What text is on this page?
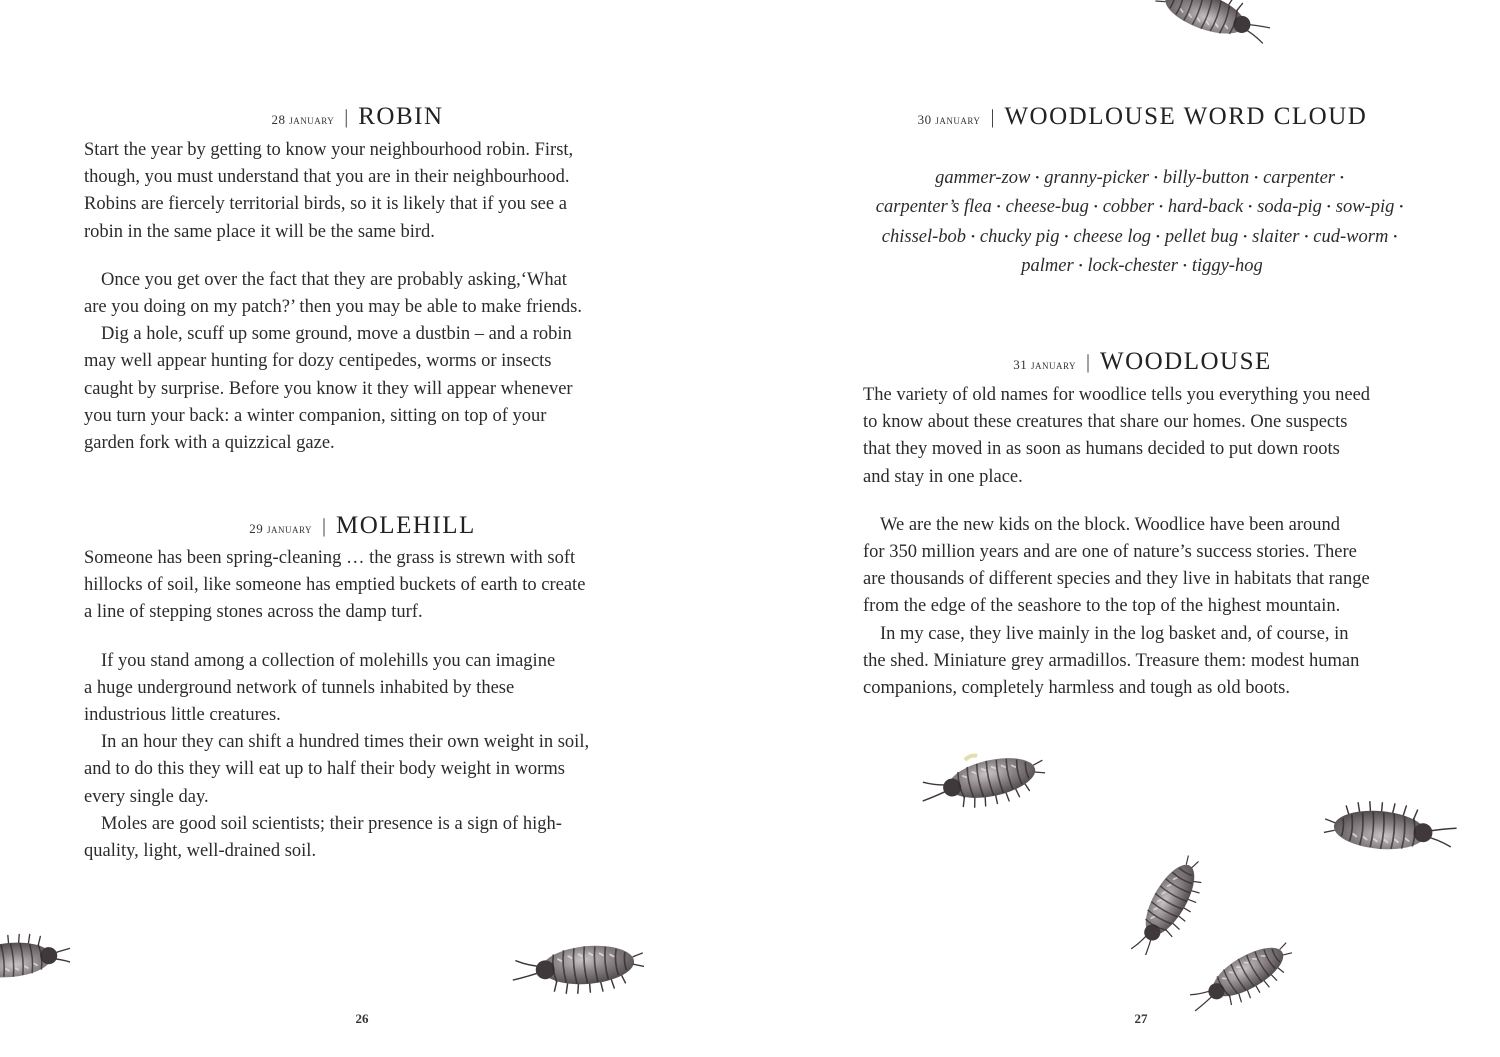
28 january | ROBIN

Start the year by getting to know your neighbourhood robin. First,
though, you must understand that you are in their neighbourhood.
Robins are fiercely territorial birds, so it is likely that if you see a
robin in the same place it will be the same bird.

Once you get over the fact that they are probably asking,‘What
are you doing on my patch?’ then you may be able to make friends.

Dig a hole, scuff up some ground, move a dustbin – and a robin
may well appear hunting for dozy centipedes, worms or insects
caught by surprise. Before you know it they will appear whenever
you turn your back: a winter companion, sitting on top of your
garden fork with a quizzical gaze.

29 january | MOLEHILL

Someone has been spring-cleaning … the grass is strewn with soft
hillocks of soil, like someone has emptied buckets of earth to create
a line of stepping stones across the damp turf.

If you stand among a collection of molehills you can imagine
a huge underground network of tunnels inhabited by these
industrious little creatures.

In an hour they can shift a hundred times their own weight in soil,
and to do this they will eat up to half their body weight in worms
every single day.

Moles are good soil scientists; their presence is a sign of high-
quality, light, well-drained soil.

26
30 january | WOODLOUSE WORD CLOUD
gammer-zow • granny-picker • billy-button • carpenter •
carpenter’s flea • cheese-bug • cobber • hard-back • soda-pig • sow-pig •
chissel-bob • chucky pig • cheese log • pellet bug • slaiter • cud-worm •
palmer • lock-chester • tiggy-hog
31 january | WOODLOUSE

The variety of old names for woodlice tells you everything you need
to know about these creatures that share our homes. One suspects
that they moved in as soon as humans decided to put down roots
and stay in one place.

We are the new kids on the block. Woodlice have been around
for 350 million years and are one of nature’s success stories. There
are thousands of different species and they live in habitats that range
from the edge of the seashore to the top of the highest mountain.

In my case, they live mainly in the log basket and, of course, in
the shed. Miniature grey armadillos. Treasure them: modest human
companions, completely harmless and tough as old boots.

27
